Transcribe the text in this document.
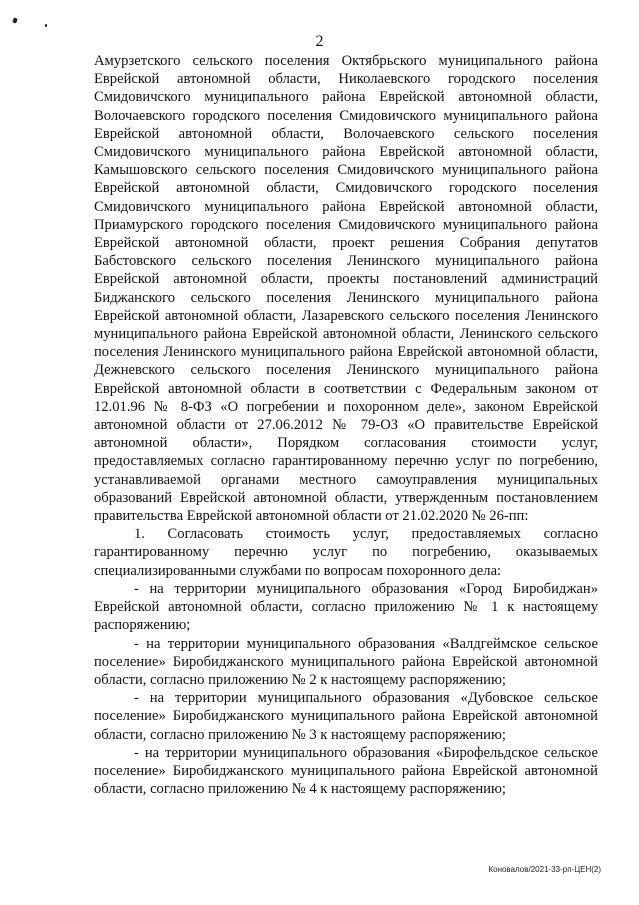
2

Амурзетского сельского поселения Октябрьского муниципального района Еврейской автономной области, Николаевского городского поселения Смидовичского муниципального района Еврейской автономной области, Волочаевского городского поселения Смидовичского муниципального района Еврейской автономной области, Волочаевского сельского поселения Смидовичского муниципального района Еврейской автономной области, Камышовского сельского поселения Смидовичского муниципального района Еврейской автономной области, Смидовичского городского поселения Смидовичского муниципального района Еврейской автономной области, Приамурского городского поселения Смидовичского муниципального района Еврейской автономной области, проект решения Собрания депутатов Бабстовского сельского поселения Ленинского муниципального района Еврейской автономной области, проекты постановлений администраций Биджанского сельского поселения Ленинского муниципального района Еврейской автономной области, Лазаревского сельского поселения Ленинского муниципального района Еврейской автономной области, Ленинского сельского поселения Ленинского муниципального района Еврейской автономной области, Дежневского сельского поселения Ленинского муниципального района Еврейской автономной области в соответствии с Федеральным законом от 12.01.96 № 8-ФЗ «О погребении и похоронном деле», законом Еврейской автономной области от 27.06.2012 № 79-ОЗ «О правительстве Еврейской автономной области», Порядком согласования стоимости услуг, предоставляемых согласно гарантированному перечню услуг по погребению, устанавливаемой органами местного самоуправления муниципальных образований Еврейской автономной области, утвержденным постановлением правительства Еврейской автономной области от 21.02.2020 № 26-пп:

1. Согласовать стоимость услуг, предоставляемых согласно гарантированному перечню услуг по погребению, оказываемых специализированными службами по вопросам похоронного дела:

- на территории муниципального образования «Город Биробиджан» Еврейской автономной области, согласно приложению № 1 к настоящему распоряжению;

- на территории муниципального образования «Валдгеймское сельское поселение» Биробиджанского муниципального района Еврейской автономной области, согласно приложению № 2 к настоящему распоряжению;

- на территории муниципального образования «Дубовское сельское поселение» Биробиджанского муниципального района Еврейской автономной области, согласно приложению № 3 к настоящему распоряжению;

- на территории муниципального образования «Бирофельдское сельское поселение» Биробиджанского муниципального района Еврейской автономной области, согласно приложению № 4 к настоящему распоряжению;

Коновалов/2021-33-рп-ЦЕН(2)
